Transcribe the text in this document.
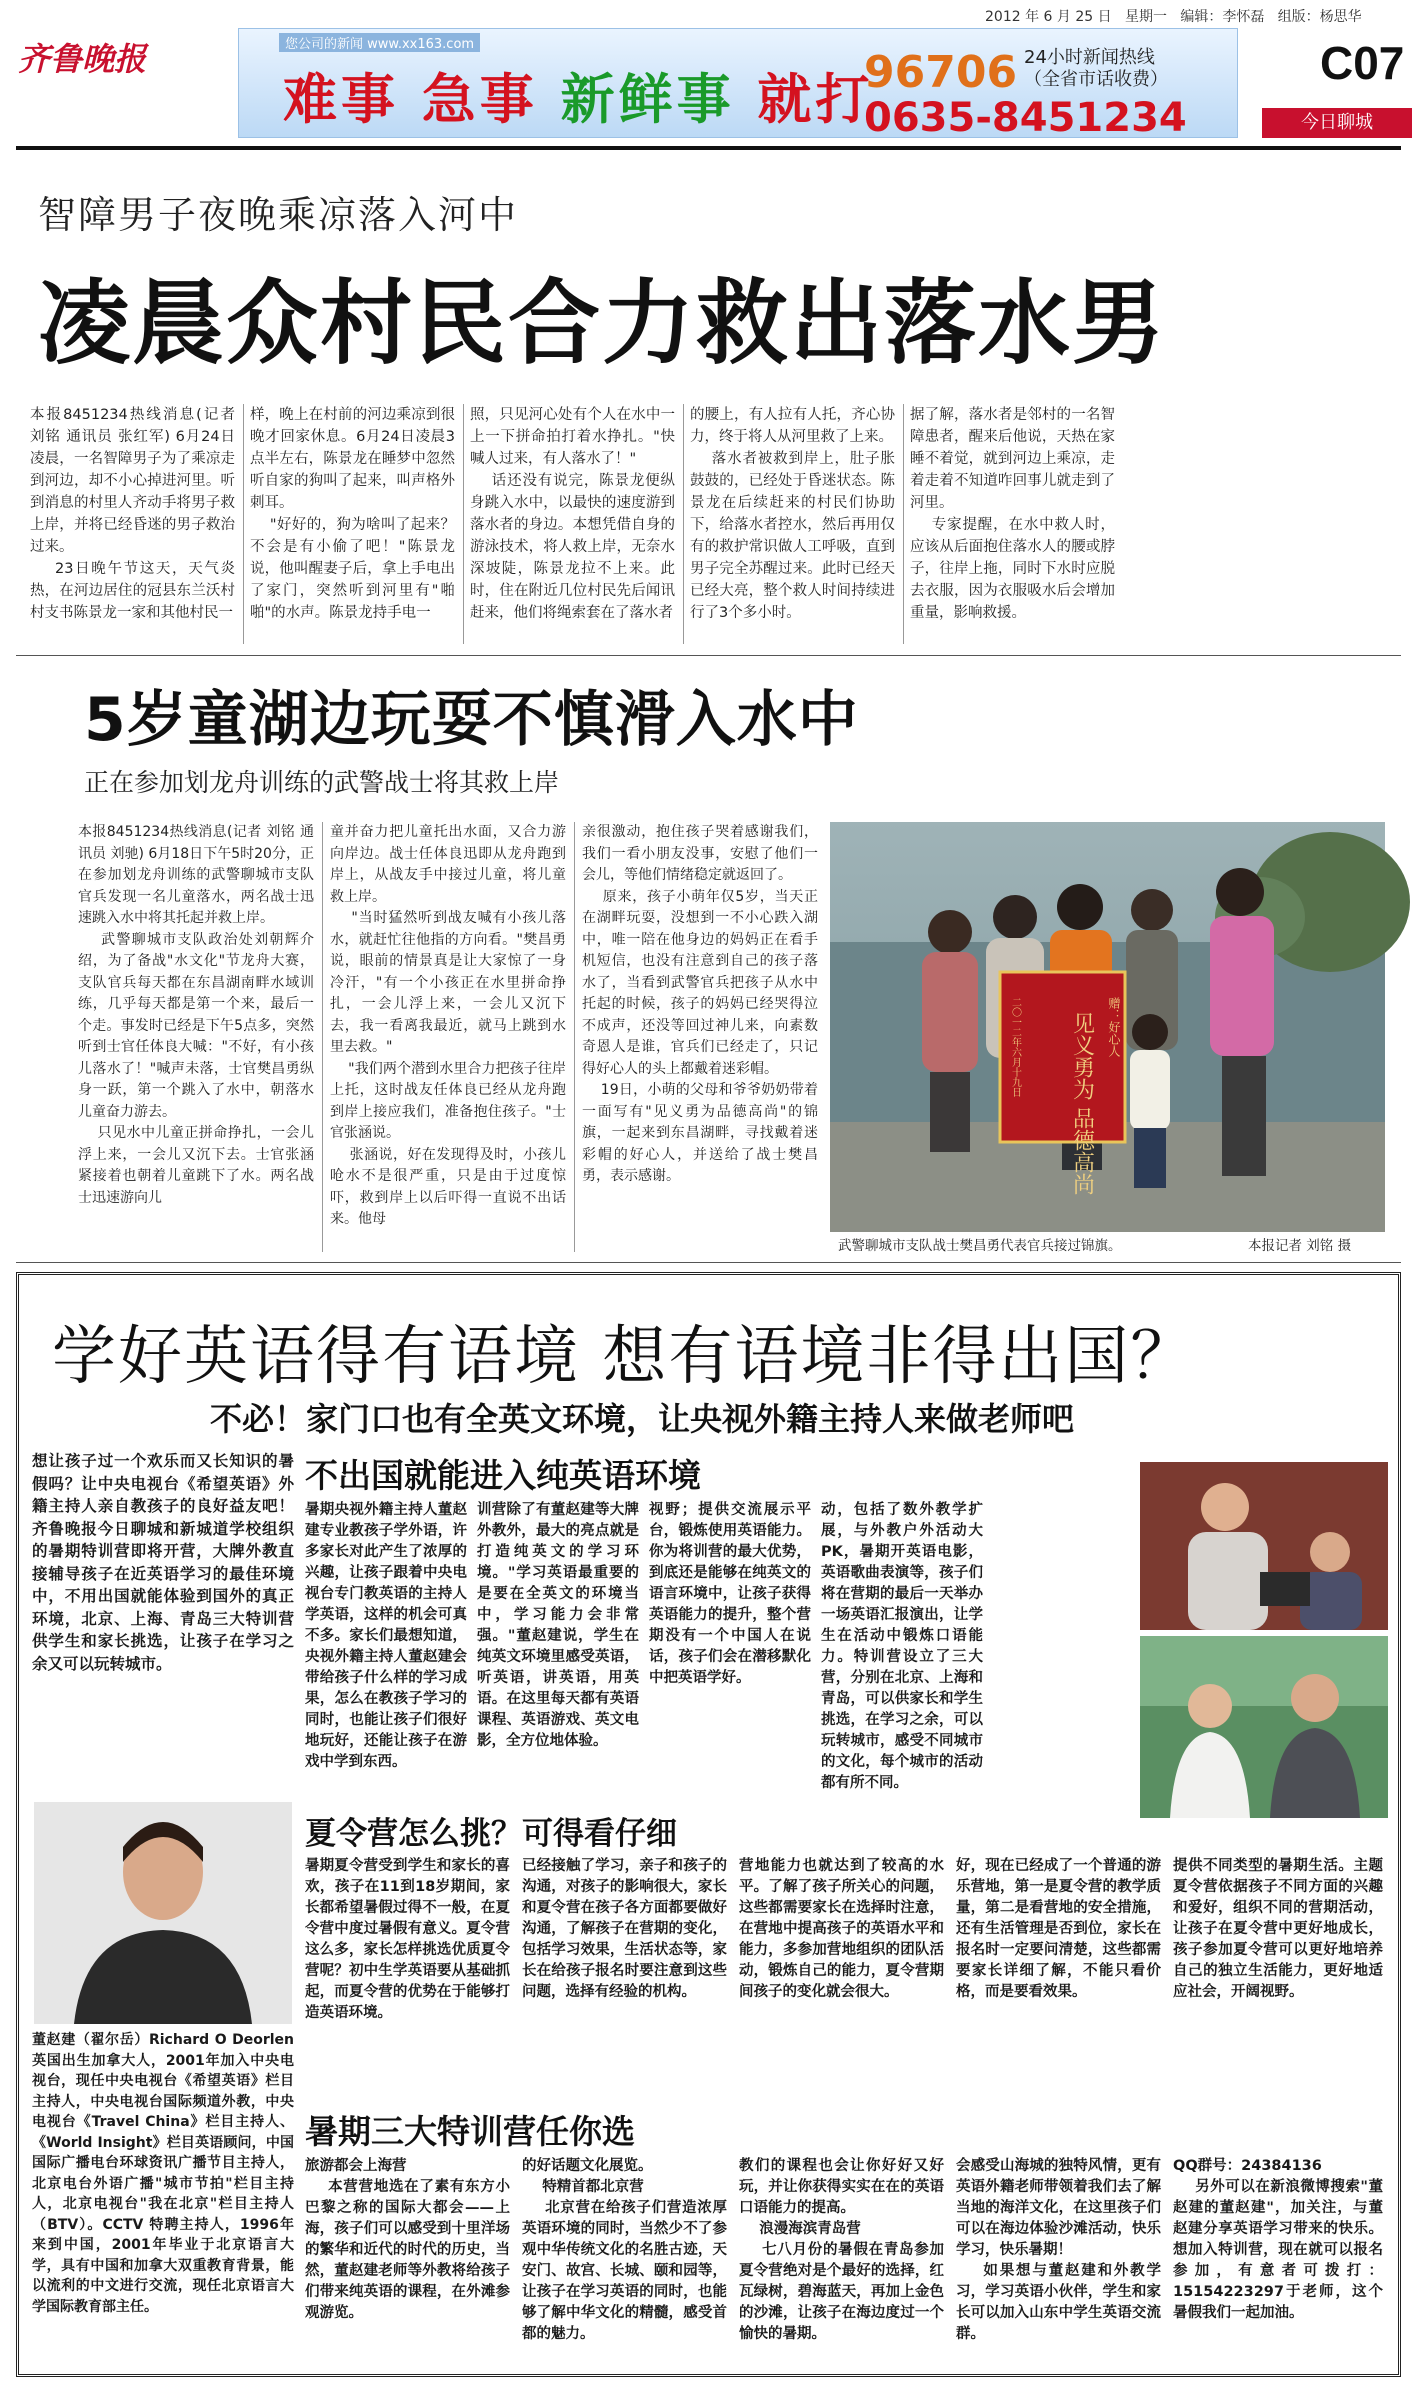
2012 年 6 月 25 日 星期一 编辑：李怀磊 组版：杨思华
齐鲁晚报	您公司的新闻 www.xx163.com
难事 急事 新鲜事 就打
96706 24小时新闻热线
（全省市话收费）
0635-8451234
C07
今日聊城
智障男子夜晚乘凉落入河中
凌晨众村民合力救出落水男
本报8451234热线消息(记者 刘铭 通讯员 张红军) 6月24日凌晨，一名智障男子为了乘凉走到河边，却不小心掉进河里。听到消息的村里人齐动手将男子救上岸，并将已经昏迷的男子救治过来。
23日晚午节这天，天气炎热，在河边居住的冠县东兰沃村村支书陈景龙一家和其他村民一
样，晚上在村前的河边乘凉到很晚才回家休息。6月24日凌晨3点半左右，陈景龙在睡梦中忽然听自家的狗叫了起来，叫声格外刺耳。
"好好的，狗为啥叫了起来？不会是有小偷了吧！"陈景龙说，他叫醒妻子后，拿上手电出了家门，突然听到河里有"啪啪"的水声。陈景龙持手电一
照，只见河心处有个人在水中一上一下拼命拍打着水挣扎。"快喊人过来，有人落水了！"
话还没有说完，陈景龙便纵身跳入水中，以最快的速度游到落水者的身边。本想凭借自身的游泳技术，将人救上岸，无奈水深坡陡，陈景龙拉不上来。此时，住在附近几位村民先后闻讯赶来，他们将绳索套在了落水者
的腰上，有人拉有人托，齐心协力，终于将人从河里救了上来。
落水者被救到岸上，肚子胀鼓鼓的，已经处于昏迷状态。陈景龙在后续赶来的村民们协助下，给落水者控水，然后再用仅有的救护常识做人工呼吸，直到男子完全苏醒过来。此时已经天已经大亮，整个救人时间持续进行了3个多小时。
据了解，落水者是邻村的一名智障患者，醒来后他说，天热在家睡不着觉，就到河边上乘凉，走着走着不知道咋回事儿就走到了河里。
专家提醒，在水中救人时，应该从后面抱住落水人的腰或脖子，往岸上拖，同时下水时应脱去衣服，因为衣服吸水后会增加重量，影响救援。
5岁童湖边玩耍不慎滑入水中
正在参加划龙舟训练的武警战士将其救上岸
本报8451234热线消息(记者 刘铭 通讯员 刘驰) 6月18日下午5时20分，正在参加划龙舟训练的武警聊城市支队官兵发现一名儿童落水，两名战士迅速跳入水中将其托起并救上岸。
武警聊城市支队政治处刘朝辉介绍，为了备战"水文化"节龙舟大赛，支队官兵每天都在东昌湖南畔水域训练，几乎每天都是第一个来，最后一个走。事发时已经是下午5点多，突然听到士官任体良大喊："不好，有小孩儿落水了！"喊声未落，士官樊昌勇纵身一跃，第一个跳入了水中，朝落水儿童奋力游去。
只见水中儿童正拼命挣扎，一会儿浮上来，一会儿又沉下去。士官张涵紧接着也朝着儿童跳下了水。两名战士迅速游向儿
童并奋力把儿童托出水面，又合力游向岸边。战士任体良迅即从龙舟跑到岸上，从战友手中接过儿童，将儿童救上岸。
"当时猛然听到战友喊有小孩儿落水，就赶忙往他指的方向看。"樊昌勇说，眼前的情景真是让大家惊了一身冷汗，"有一个小孩正在水里拼命挣扎，一会儿浮上来，一会儿又沉下去，我一看离我最近，就马上跳到水里去救。"
"我们两个潜到水里合力把孩子往岸上托，这时战友任体良已经从龙舟跑到岸上接应我们，准备抱住孩子。"士官张涵说。
张涵说，好在发现得及时，小孩儿呛水不是很严重，只是由于过度惊吓，救到岸上以后吓得一直说不出话来。他母
亲很激动，抱住孩子哭着感谢我们，我们一看小朋友没事，安慰了他们一会儿，等他们情绪稳定就返回了。
原来，孩子小萌年仅5岁，当天正在湖畔玩耍，没想到一不小心跌入湖中，唯一陪在他身边的妈妈正在看手机短信，也没有注意到自己的孩子落水了，当看到武警官兵把孩子从水中托起的时候，孩子的妈妈已经哭得泣不成声，还没等回过神儿来，向素数奇恩人是谁，官兵们已经走了，只记得好心人的头上都戴着迷彩帽。
19日，小萌的父母和爷爷奶奶带着一面写有"见义勇为品德高尚"的锦旗，一起来到东昌湖畔，寻找戴着迷彩帽的好心人，并送给了战士樊昌勇，表示感谢。
赠：好心人
见义勇为 品德高尚
二〇一二年六月十九日
武警聊城市支队战士樊昌勇代表官兵接过锦旗。	本报记者 刘铭 摄
学好英语得有语境 想有语境非得出国？
不必！家门口也有全英文环境，让央视外籍主持人来做老师吧
想让孩子过一个欢乐而又长知识的暑假吗？让中央电视台《希望英语》外籍主持人亲自教孩子的良好益友吧！齐鲁晚报今日聊城和新城道学校组织的暑期特训营即将开营，大牌外教直接辅导孩子在近英语学习的最佳环境中，不用出国就能体验到国外的真正环境，北京、上海、青岛三大特训营供学生和家长挑选，让孩子在学习之余又可以玩转城市。
董赵建（翟尔岳）Richard O Deorlen 英国出生加拿大人，2001年加入中央电视台，现任中央电视台《希望英语》栏目主持人，中央电视台国际频道外教，中央电视台《Travel China》栏目主持人、《World Insight》栏目英语顾问，中国国际广播电台环球资讯广播节目主持人，北京电台外语广播"城市节拍"栏目主持人，北京电视台"我在北京"栏目主持人（BTV）。CCTV 特聘主持人，1996年来到中国，2001年毕业于北京语言大学，具有中国和加拿大双重教育背景，能以流利的中文进行交流，现任北京语言大学国际教育部主任。
不出国就能进入纯英语环境
暑期央视外籍主持人董赵建专业教孩子学外语，许多家长对此产生了浓厚的兴趣，让孩子跟着中央电视台专门教英语的主持人学英语，这样的机会可真不多。家长们最想知道，央视外籍主持人董赵建会带给孩子什么样的学习成果，怎么在教孩子学习的同时，也能让孩子们很好地玩好，还能让孩子在游戏中学到东西。
训营除了有董赵建等大牌外教外，最大的亮点就是打造纯英文的学习环境。"学习英语最重要的是要在全英文的环境当中，学习能力会非常强。"董赵建说，学生在纯英文环境里感受英语，听英语，讲英语，用英语。在这里每天都有英语课程、英语游戏、英文电影，全方位地体验。
视野；提供交流展示平台，锻炼使用英语能力。你为将训营的最大优势，到底还是能够在纯英文的语言环境中，让孩子获得英语能力的提升，整个营期没有一个中国人在说话，孩子们会在潜移默化中把英语学好。
动，包括了数外教学扩展，与外教户外活动大PK，暑期开英语电影，英语歌曲表演等，孩子们将在营期的最后一天举办一场英语汇报演出，让学生在活动中锻炼口语能力。特训营设立了三大营，分别在北京、上海和青岛，可以供家长和学生挑选，在学习之余，可以玩转城市，感受不同城市的文化，每个城市的活动都有所不同。
夏令营怎么挑？可得看仔细
暑期夏令营受到学生和家长的喜欢，孩子在11到18岁期间，家长都希望暑假过得不一般，在夏令营中度过暑假有意义。夏令营这么多，家长怎样挑选优质夏令营呢？初中生学英语要从基础抓起，而夏令营的优势在于能够打造英语环境。
已经接触了学习，亲子和孩子的沟通，对孩子的影响很大，家长和夏令营在孩子各方面都要做好沟通，了解孩子在营期的变化，包括学习效果，生活状态等，家长在给孩子报名时要注意到这些问题，选择有经验的机构。
营地能力也就达到了较高的水平。了解了孩子所关心的问题，这些都需要家长在选择时注意，在营地中提高孩子的英语水平和能力，多参加营地组织的团队活动，锻炼自己的能力，夏令营期间孩子的变化就会很大。
好，现在已经成了一个普通的游乐营地，第一是夏令营的教学质量，第二是看营地的安全措施，还有生活管理是否到位，家长在报名时一定要问清楚，这些都需要家长详细了解，不能只看价格，而是要看效果。
提供不同类型的暑期生活。主题夏令营依据孩子不同方面的兴趣和爱好，组织不同的营期活动，让孩子在夏令营中更好地成长，孩子参加夏令营可以更好地培养自己的独立生活能力，更好地适应社会，开阔视野。
暑期三大特训营任你选
旅游都会上海营
本营营地选在了素有东方小巴黎之称的国际大都会——上海，孩子们可以感受到十里洋场的繁华和近代的时代的历史，当然，董赵建老师等外教将给孩子们带来纯英语的课程，在外滩参观游览。
的好话题文化展览。
特精首都北京营
北京营在给孩子们营造浓厚英语环境的同时，当然少不了参观中华传统文化的名胜古迹，天安门、故宫、长城、颐和园等，让孩子在学习英语的同时，也能够了解中华文化的精髓，感受首都的魅力。
教们的课程也会让你好好又好玩，并让你获得实实在在的英语口语能力的提高。
浪漫海滨青岛营
七八月份的暑假在青岛参加夏令营绝对是个最好的选择，红瓦绿树，碧海蓝天，再加上金色的沙滩，让孩子在海边度过一个愉快的暑期。
会感受山海城的独特风情，更有英语外籍老师带领着我们去了解当地的海洋文化，在这里孩子们可以在海边体验沙滩活动，快乐学习，快乐暑期！
如果想与董赵建和外教学习，学习英语小伙伴，学生和家长可以加入山东中学生英语交流群。
QQ群号：24384136
另外可以在新浪微博搜索"董赵建的董赵建"，加关注，与董赵建分享英语学习带来的快乐。想加入特训营，现在就可以报名参加，有意者可拨打：15154223297于老师，这个暑假我们一起加油。
